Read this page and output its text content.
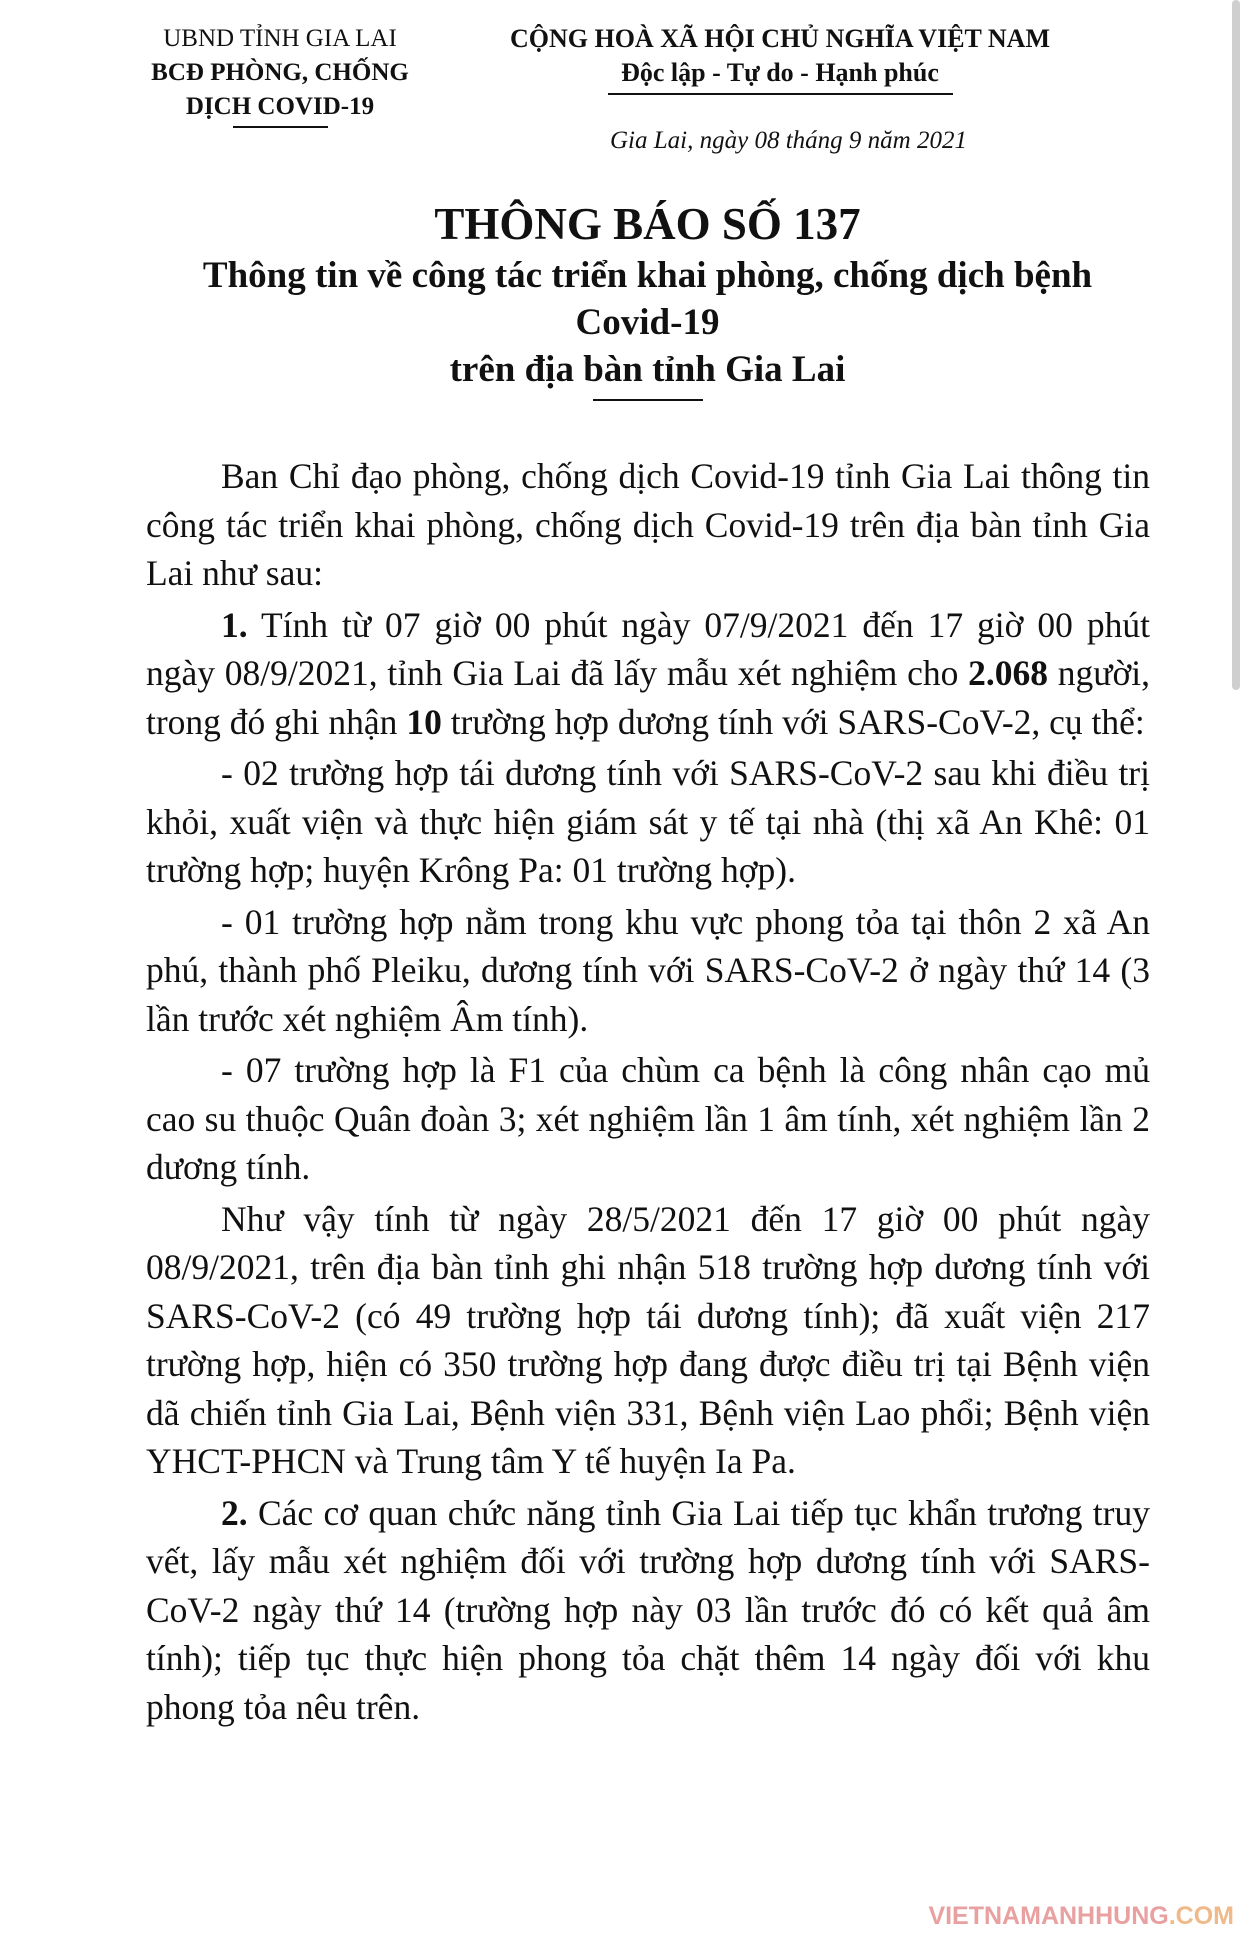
UBND TỈNH GIA LAI
BCĐ PHÒNG, CHỐNG
DỊCH COVID-19
CỘNG HOÀ XÃ HỘI CHỦ NGHĨA VIỆT NAM
Độc lập - Tự do - Hạnh phúc
Gia Lai, ngày 08 tháng 9 năm 2021
THÔNG BÁO SỐ 137
Thông tin về công tác triển khai phòng, chống dịch bệnh Covid-19
trên địa bàn tỉnh Gia Lai

Ban Chỉ đạo phòng, chống dịch Covid-19 tỉnh Gia Lai thông tin công tác triển khai phòng, chống dịch Covid-19 trên địa bàn tỉnh Gia Lai như sau:

1. Tính từ 07 giờ 00 phút ngày 07/9/2021 đến 17 giờ 00 phút ngày 08/9/2021, tỉnh Gia Lai đã lấy mẫu xét nghiệm cho 2.068 người, trong đó ghi nhận 10 trường hợp dương tính với SARS-CoV-2, cụ thể:

- 02 trường hợp tái dương tính với SARS-CoV-2 sau khi điều trị khỏi, xuất viện và thực hiện giám sát y tế tại nhà (thị xã An Khê: 01 trường hợp; huyện Krông Pa: 01 trường hợp).

- 01 trường hợp nằm trong khu vực phong tỏa tại thôn 2 xã An phú, thành phố Pleiku, dương tính với SARS-CoV-2 ở ngày thứ 14 (3 lần trước xét nghiệm Âm tính).

- 07 trường hợp là F1 của chùm ca bệnh là công nhân cạo mủ cao su thuộc Quân đoàn 3; xét nghiệm lần 1 âm tính, xét nghiệm lần 2 dương tính.

Như vậy tính từ ngày 28/5/2021 đến 17 giờ 00 phút ngày 08/9/2021, trên địa bàn tỉnh ghi nhận 518 trường hợp dương tính với SARS-CoV-2 (có 49 trường hợp tái dương tính); đã xuất viện 217 trường hợp, hiện có 350 trường hợp đang được điều trị tại Bệnh viện dã chiến tỉnh Gia Lai, Bệnh viện 331, Bệnh viện Lao phổi; Bệnh viện YHCT-PHCN và Trung tâm Y tế huyện Ia Pa.

2. Các cơ quan chức năng tỉnh Gia Lai tiếp tục khẩn trương truy vết, lấy mẫu xét nghiệm đối với trường hợp dương tính với SARS-CoV-2 ngày thứ 14 (trường hợp này 03 lần trước đó có kết quả âm tính); tiếp tục thực hiện phong tỏa chặt thêm 14 ngày đối với khu phong tỏa nêu trên.

VIETNAMANHHUNG.COM
